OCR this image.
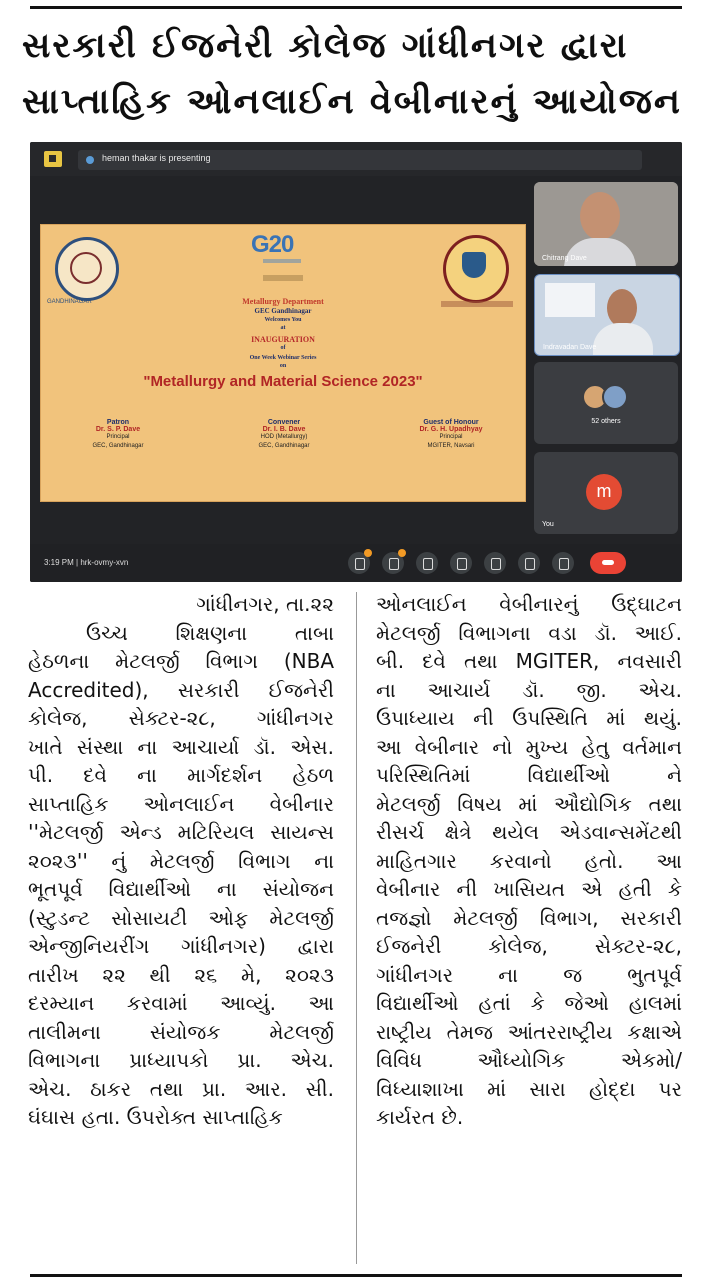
સરકારી ઈજનેરી કોલેજ ગાંધીનગર દ્વારા
સાપ્તાહિક ઓનલાઈન વેબીનારનું આયોજન
heman thakar is presenting
GANDHINAGAR
G20
Metallurgy Department
GEC Gandhinagar
Welcomes You
at
INAUGURATION
of
One Week Webinar Series
on
"Metallurgy and Material Science 2023"
Patron
Dr. S. P. Dave
Principal
GEC, Gandhinagar
Convener
Dr. I. B. Dave
HOD (Metallurgy)
GEC, Gandhinagar
Guest of Honour
Dr. G. H. Upadhyay
Principal
MGITER, Navsari
Chitrang Dave
Indravadan Dave
52 others
m
You
3:19 PM | hrk-ovmy-xvn
ગાંધીનગર, તા.૨૨
ઉચ્ચ શિક્ષણના તાબા
હેઠળના મેટલર્જી વિભાગ (NBA
Accredited), સરકારી ઈજનેરી
કોલેજ, સેક્ટર-૨૮, ગાંધીનગર
ખાતે સંસ્થા ના આચાર્યા ડૉ. એસ.
પી. દવે ના માર્ગદર્શન હેઠળ
સાપ્તાહિક ઓનલાઈન વેબીનાર
''મેટલર્જી એન્ડ મટિરિયલ સાયન્સ
૨૦૨૩'' નું મેટલર્જી વિભાગ ના
ભૂતપૂર્વ વિદ્યાર્થીઓ ના સંયોજન
(સ્ટુડન્ટ સોસાયટી ઓફ મેટલર્જી
એન્જીનિયરીંગ ગાંધીનગર) દ્વારા
તારીખ ૨૨ થી ૨૬ મે, ૨૦૨૩
દરમ્યાન કરવામાં આવ્યું. આ
તાલીમના સંયોજક મેટલર્જી
વિભાગના પ્રાધ્યાપકો પ્રા. એચ.
એચ. ઠાકર તથા પ્રા. આર. સી.
ઘંઘાસ હતા. ઉપરોક્ત સાપ્તાહિક
ઓનલાઈન વેબીનારનું ઉદ્ઘાટન
મેટલર્જી વિભાગના વડા ડૉ. આઈ.
બી. દવે તથા MGITER, નવસારી
ના આચાર્ય ડૉ. જી. એચ.
ઉપાધ્યાય ની ઉપસ્થિતિ માં થયું.
આ વેબીનાર નો મુખ્ય હેતુ વર્તમાન
પરિસ્થિતિમાં વિદ્યાર્થીઓ ને
મેટલર્જી વિષય માં ઔદ્યોગિક તથા
રીસર્ચ ક્ષેત્રે થયેલ એડવાન્સમેંટથી
માહિતગાર કરવાનો હતો. આ
વેબીનાર ની ખાસિયત એ હતી કે
તજજ્ઞો મેટલર્જી વિભાગ, સરકારી
ઈજનેરી કોલેજ, સેક્ટર-૨૮,
ગાંધીનગર ના જ ભુતપૂર્વ
વિદ્યાર્થીઓ હતાં કે જેઓ હાલમાં
રાષ્ટ્રીય તેમજ આંતરરાષ્ટ્રીય કક્ષાએ
વિવિધ ઔધ્યોગિક એકમો/
વિધ્યાશાખા માં સારા હોદ્દા પર
કાર્યરત છે.
